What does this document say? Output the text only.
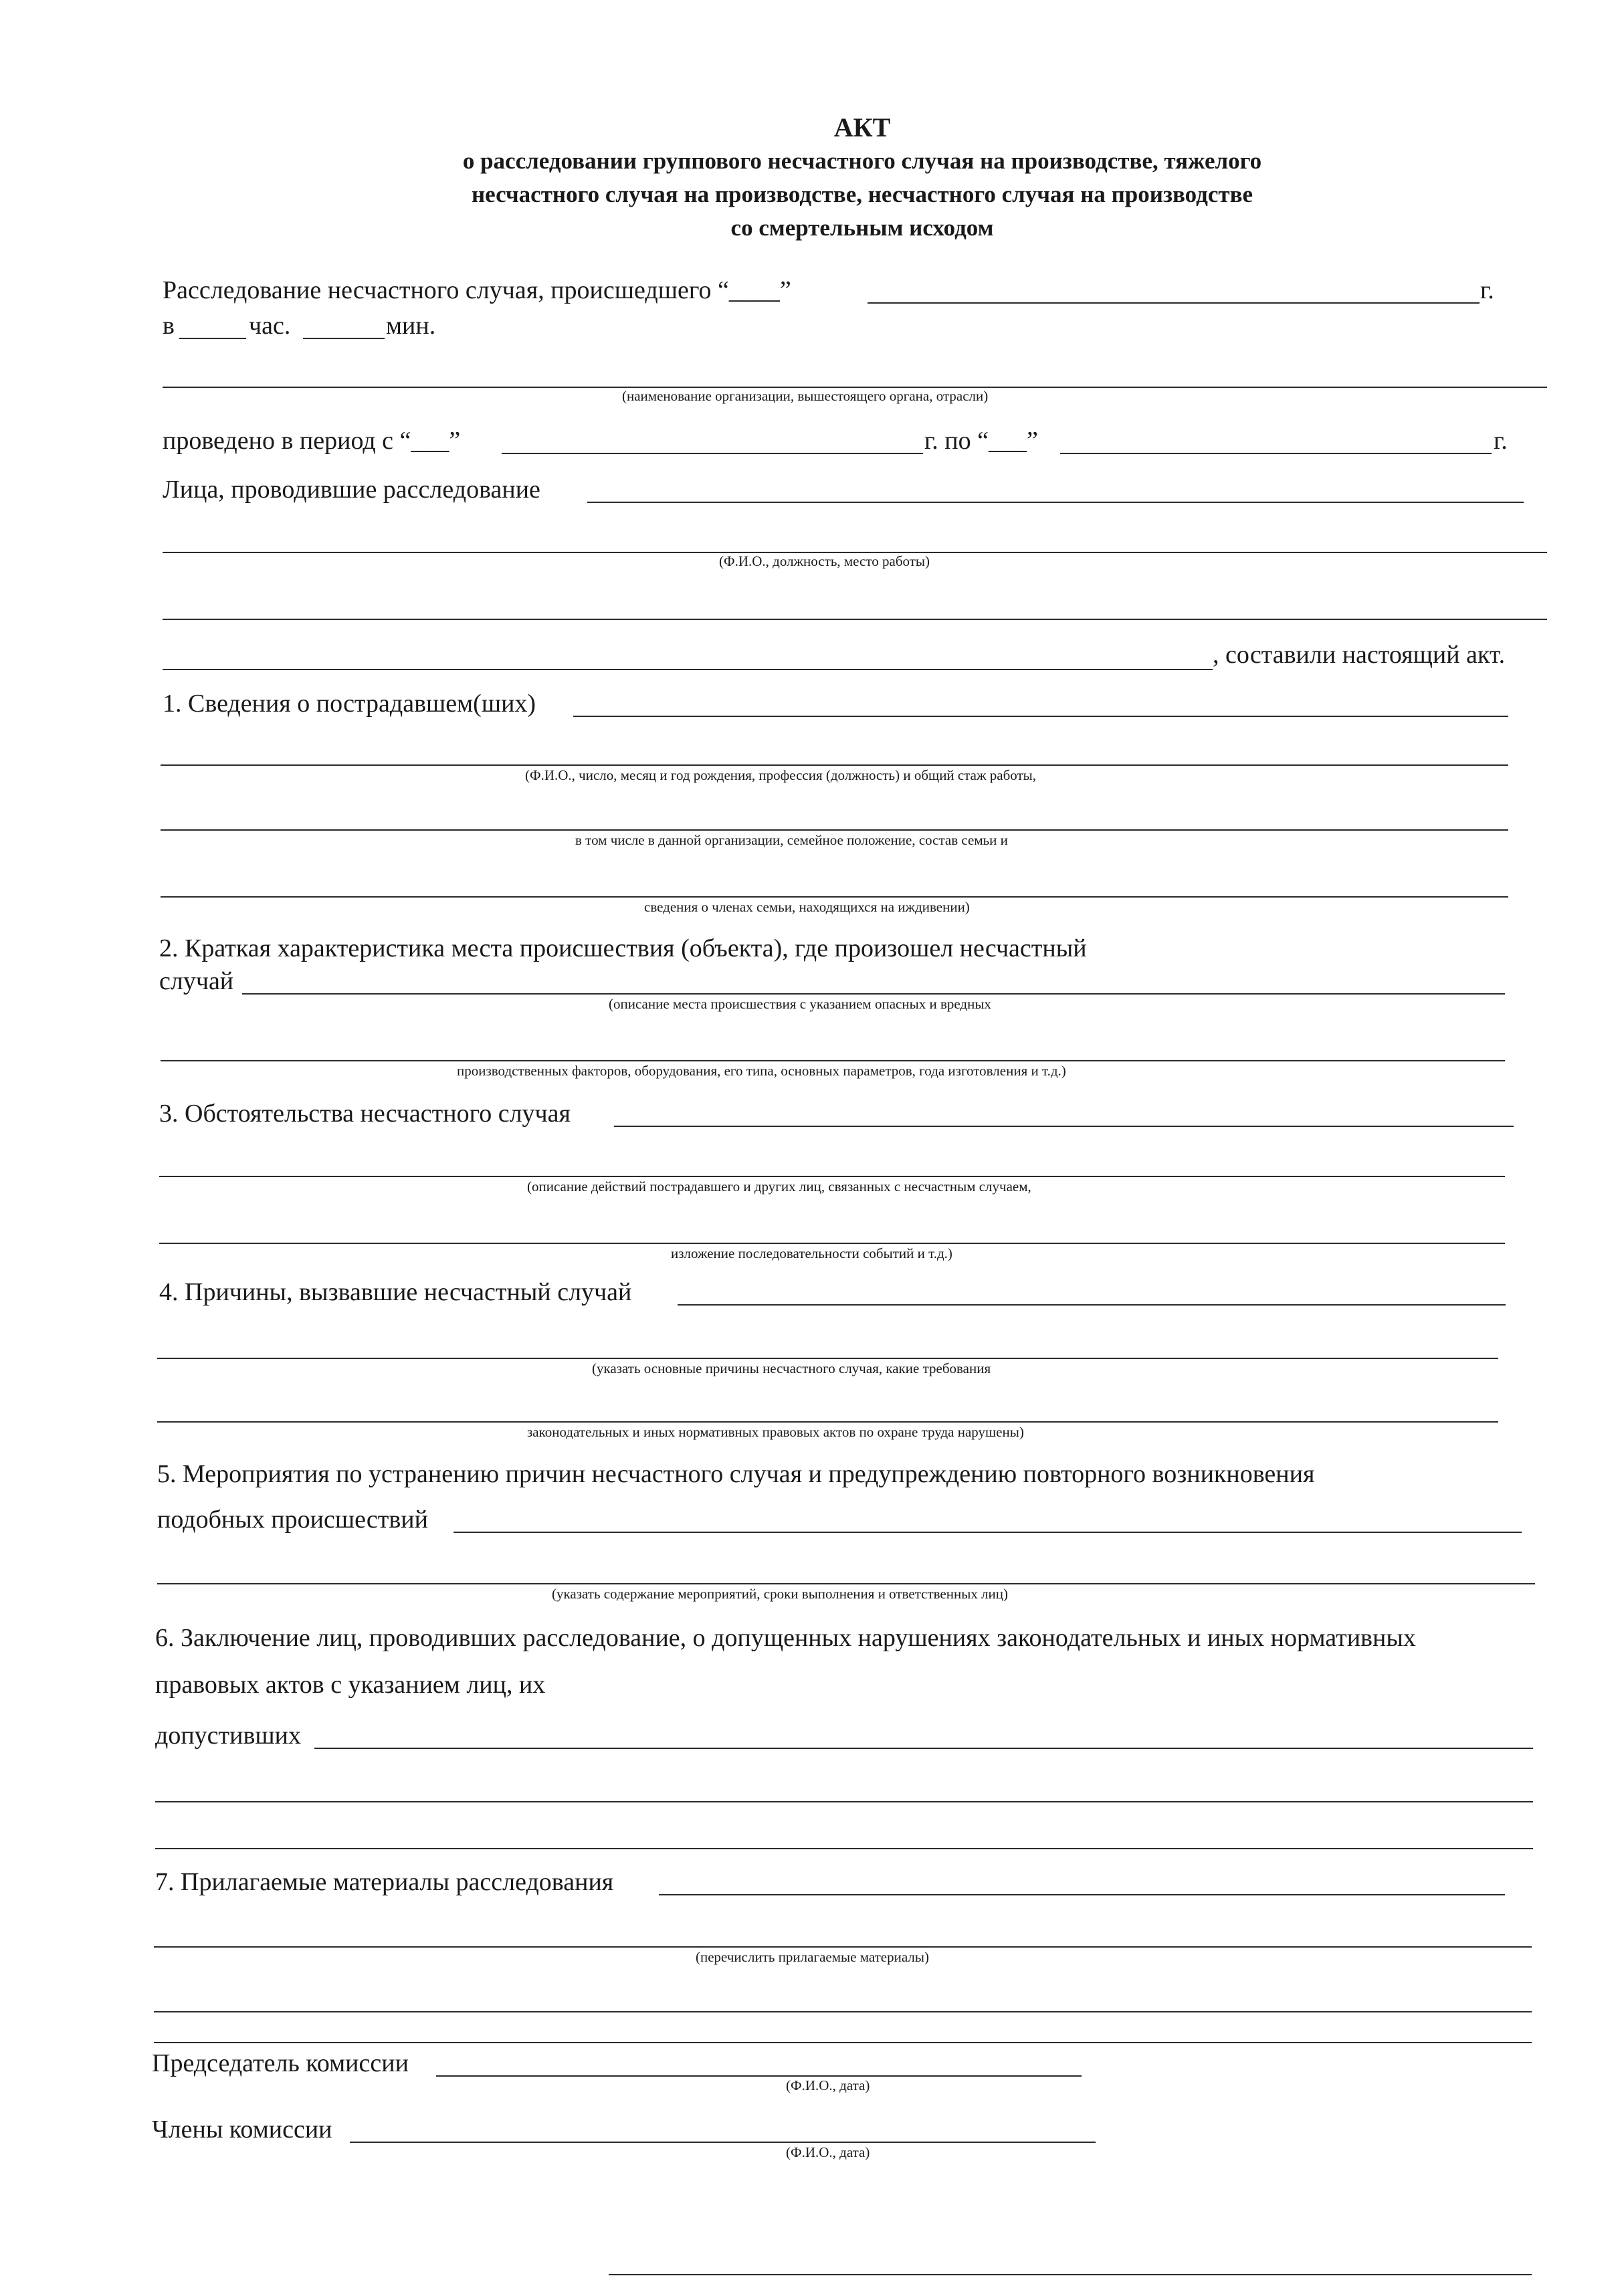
АКТ
о расследовании группового несчастного случая на производстве, тяжелого
несчастного случая на производстве, несчастного случая на производстве
со смертельным исходом
Расследование несчастного случая, происшедшего “____”	г.
в	час.	мин.
(наименование организации, вышестоящего органа, отрасли)
проведено в период с “___”	г. по “___”	г.
Лица, проводившие расследование
(Ф.И.О., должность, место работы)
, составили настоящий акт.
1. Сведения о пострадавшем(ших)
(Ф.И.О., число, месяц и год рождения, профессия (должность) и общий стаж работы,
в том числе в данной организации, семейное положение, состав семьи и
сведения о членах семьи, находящихся на иждивении)
2. Краткая характеристика места происшествия (объекта), где произошел несчастный
случай
(описание места происшествия с указанием опасных и вредных
производственных факторов, оборудования, его типа, основных параметров, года изготовления и т.д.)
3. Обстоятельства несчастного случая
(описание действий пострадавшего и других лиц, связанных с несчастным случаем,
изложение последовательности событий и т.д.)
4. Причины, вызвавшие несчастный случай
(указать основные причины несчастного случая, какие требования
законодательных и иных нормативных правовых актов по охране труда нарушены)
5. Мероприятия по устранению причин несчастного случая и предупреждению повторного возникновения
подобных происшествий
(указать содержание мероприятий, сроки выполнения и ответственных лиц)
6. Заключение лиц, проводивших расследование, о допущенных нарушениях законодательных и иных нормативных
правовых актов с указанием лиц, их
допустивших
7. Прилагаемые материалы расследования
(перечислить прилагаемые материалы)
Председатель комиссии
(Ф.И.О., дата)
Члены комиссии
(Ф.И.О., дата)
